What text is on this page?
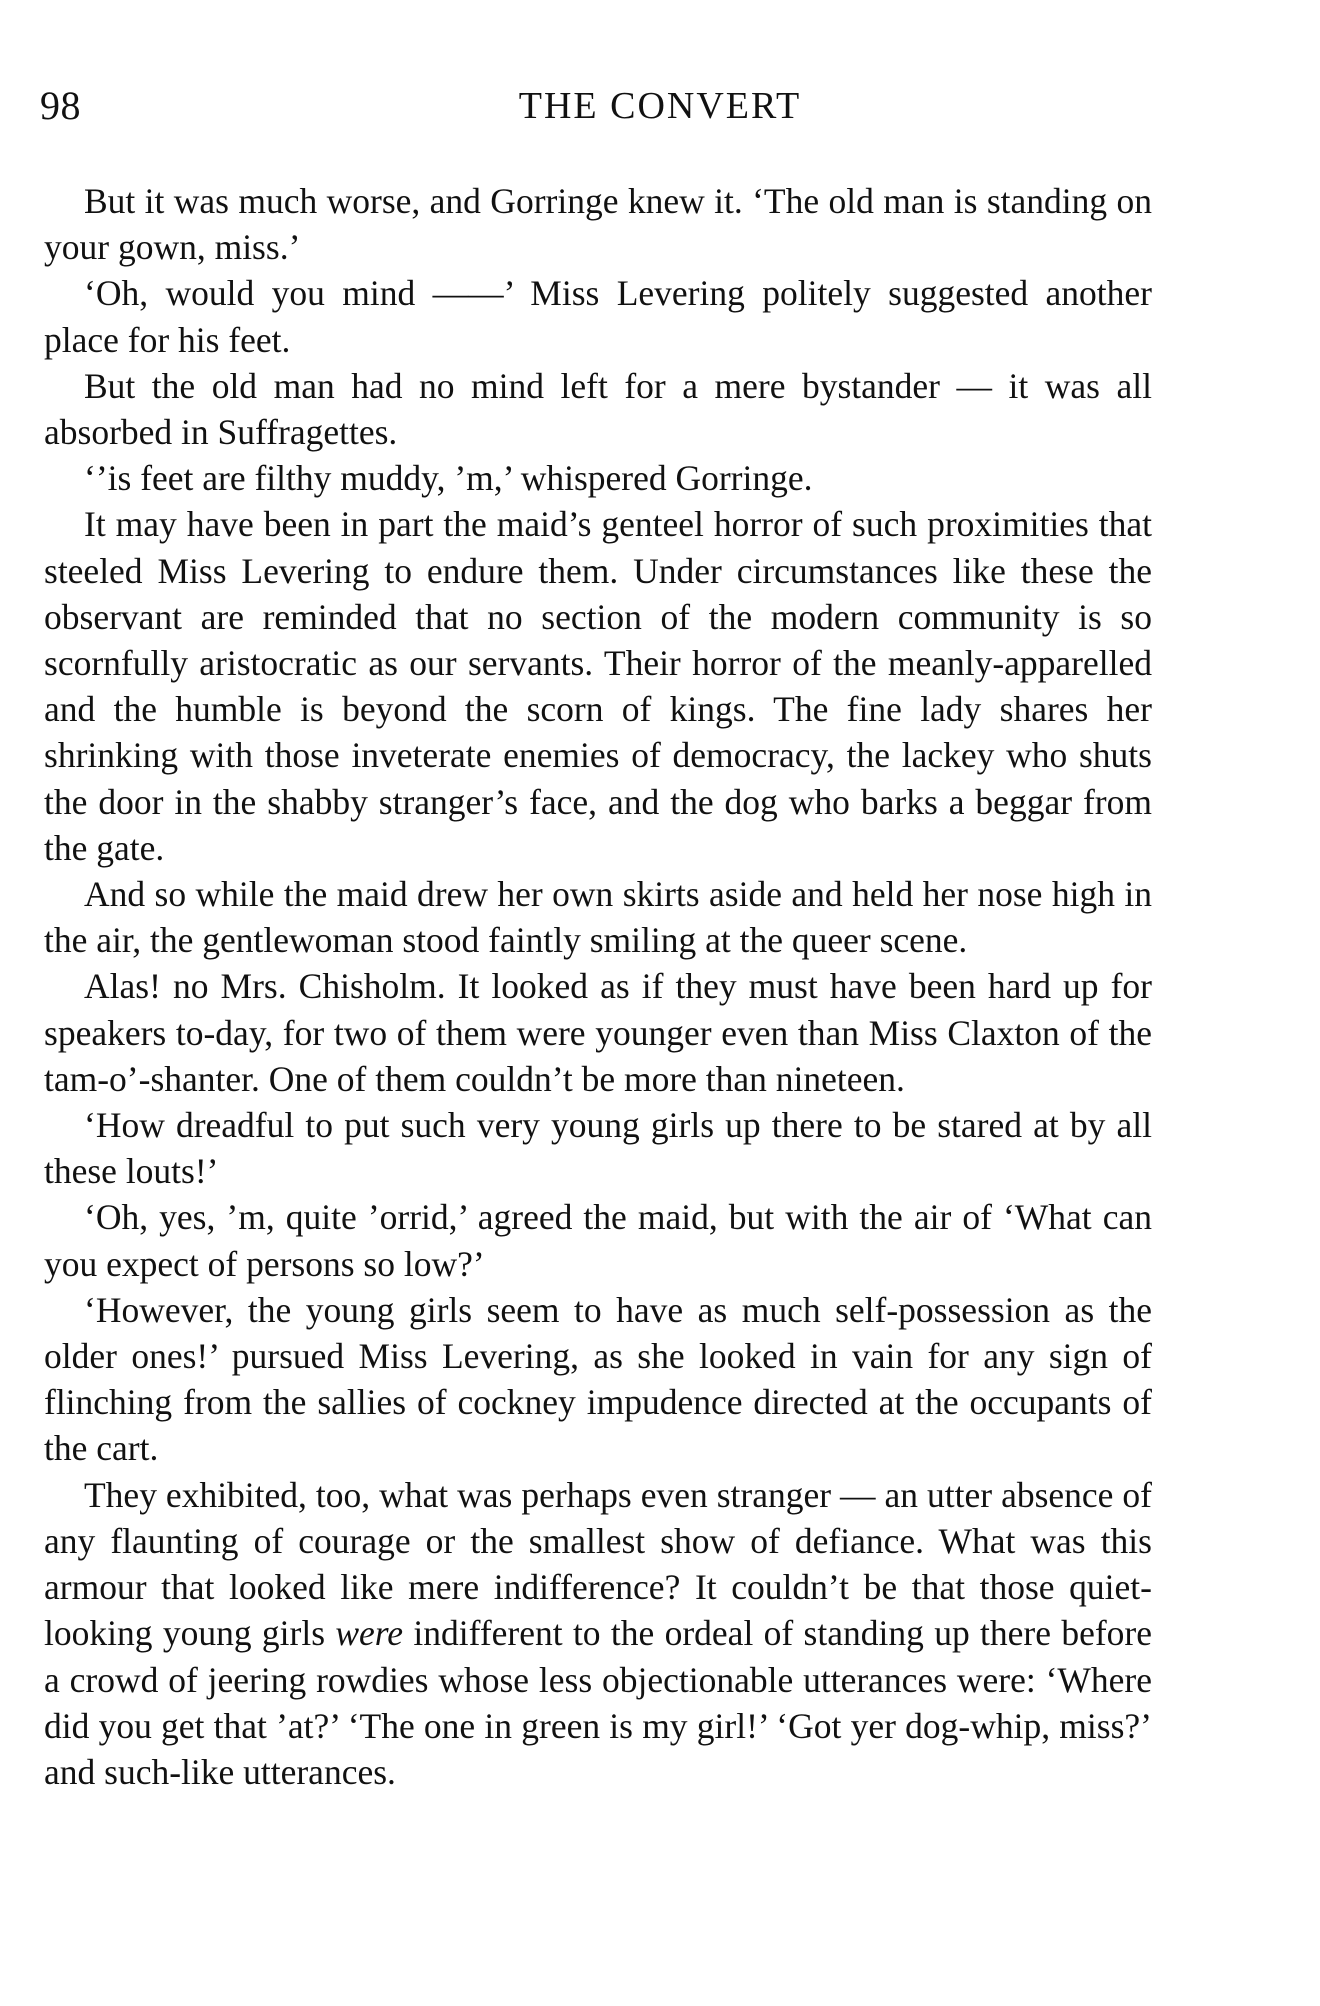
98	THE CONVERT

But it was much worse, and Gorringe knew it. ‘The old man is standing on your gown, miss.’

‘Oh, would you mind ——’ Miss Levering politely suggested another place for his feet.

But the old man had no mind left for a mere bystander — it was all absorbed in Suffragettes.

‘’is feet are filthy muddy, ’m,’ whispered Gorringe.

It may have been in part the maid’s genteel horror of such proximities that steeled Miss Levering to endure them. Under circumstances like these the observant are reminded that no section of the modern community is so scornfully aristocratic as our servants. Their horror of the meanly-apparelled and the humble is beyond the scorn of kings. The fine lady shares her shrinking with those inveterate enemies of democracy, the lackey who shuts the door in the shabby stranger’s face, and the dog who barks a beggar from the gate.

And so while the maid drew her own skirts aside and held her nose high in the air, the gentlewoman stood faintly smiling at the queer scene.

Alas! no Mrs. Chisholm. It looked as if they must have been hard up for speakers to-day, for two of them were younger even than Miss Claxton of the tam-o’-shanter. One of them couldn’t be more than nineteen.

‘How dreadful to put such very young girls up there to be stared at by all these louts!’

‘Oh, yes, ’m, quite ’orrid,’ agreed the maid, but with the air of ‘What can you expect of persons so low?’

‘However, the young girls seem to have as much self-possession as the older ones!’ pursued Miss Levering, as she looked in vain for any sign of flinching from the sallies of cockney impudence directed at the occupants of the cart.

They exhibited, too, what was perhaps even stranger — an utter absence of any flaunting of courage or the smallest show of defiance. What was this armour that looked like mere indifference? It couldn’t be that those quiet-looking young girls were indifferent to the ordeal of standing up there before a crowd of jeering rowdies whose less objectionable utterances were: ‘Where did you get that ’at?’ ‘The one in green is my girl!’ ‘Got yer dog-whip, miss?’ and such-like utterances.
